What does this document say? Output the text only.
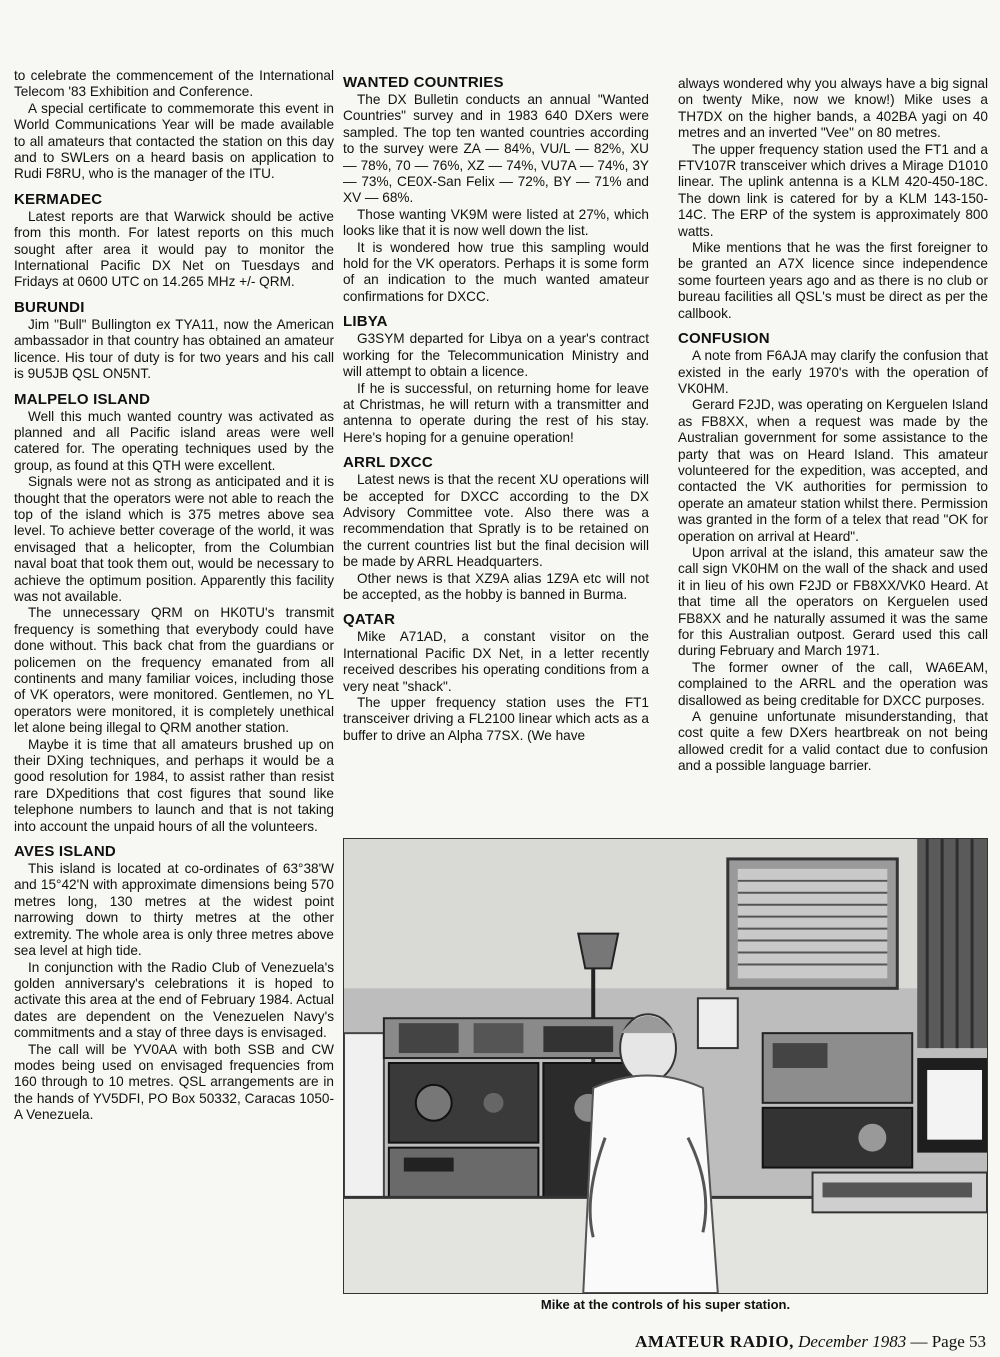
to celebrate the commencement of the International Telecom '83 Exhibition and Conference.

A special certificate to commemorate this event in World Communications Year will be made available to all amateurs that contacted the station on this day and to SWLers on a heard basis on application to Rudi F8RU, who is the manager of the ITU.

KERMADEC

Latest reports are that Warwick should be active from this month. For latest reports on this much sought after area it would pay to monitor the International Pacific DX Net on Tuesdays and Fridays at 0600 UTC on 14.265 MHz +/- QRM.

BURUNDI

Jim "Bull" Bullington ex TYA11, now the American ambassador in that country has obtained an amateur licence. His tour of duty is for two years and his call is 9U5JB QSL ON5NT.

MALPELO ISLAND

Well this much wanted country was activated as planned and all Pacific island areas were well catered for. The operating techniques used by the group, as found at this QTH were excellent.

Signals were not as strong as anticipated and it is thought that the operators were not able to reach the top of the island which is 375 metres above sea level. To achieve better coverage of the world, it was envisaged that a helicopter, from the Columbian naval boat that took them out, would be necessary to achieve the optimum position. Apparently this facility was not available.

The unnecessary QRM on HK0TU's transmit frequency is something that everybody could have done without. This back chat from the guardians or policemen on the frequency emanated from all continents and many familiar voices, including those of VK operators, were monitored. Gentlemen, no YL operators were monitored, it is completely unethical let alone being illegal to QRM another station.

Maybe it is time that all amateurs brushed up on their DXing techniques, and perhaps it would be a good resolution for 1984, to assist rather than resist rare DXpeditions that cost figures that sound like telephone numbers to launch and that is not taking into account the unpaid hours of all the volunteers.

AVES ISLAND

This island is located at co-ordinates of 63°38'W and 15°42'N with approximate dimensions being 570 metres long, 130 metres at the widest point narrowing down to thirty metres at the other extremity. The whole area is only three metres above sea level at high tide.

In conjunction with the Radio Club of Venezuela's golden anniversary's celebrations it is hoped to activate this area at the end of February 1984. Actual dates are dependent on the Venezuelen Navy's commitments and a stay of three days is envisaged.

The call will be YV0AA with both SSB and CW modes being used on envisaged frequencies from 160 through to 10 metres. QSL arrangements are in the hands of YV5DFI, PO Box 50332, Caracas 1050-A Venezuela.

WANTED COUNTRIES

The DX Bulletin conducts an annual "Wanted Countries" survey and in 1983 640 DXers were sampled. The top ten wanted countries according to the survey were ZA — 84%, VU/L — 82%, XU — 78%, 70 — 76%, XZ — 74%, VU7A — 74%, 3Y — 73%, CE0X-San Felix — 72%, BY — 71% and XV — 68%.

Those wanting VK9M were listed at 27%, which looks like that it is now well down the list.

It is wondered how true this sampling would hold for the VK operators. Perhaps it is some form of an indication to the much wanted amateur confirmations for DXCC.

LIBYA

G3SYM departed for Libya on a year's contract working for the Telecommunication Ministry and will attempt to obtain a licence.

If he is successful, on returning home for leave at Christmas, he will return with a transmitter and antenna to operate during the rest of his stay. Here's hoping for a genuine operation!

ARRL DXCC

Latest news is that the recent XU operations will be accepted for DXCC according to the DX Advisory Committee vote. Also there was a recommendation that Spratly is to be retained on the current countries list but the final decision will be made by ARRL Headquarters.

Other news is that XZ9A alias 1Z9A etc will not be accepted, as the hobby is banned in Burma.

QATAR

Mike A71AD, a constant visitor on the International Pacific DX Net, in a letter recently received describes his operating conditions from a very neat "shack".

The upper frequency station uses the FT1 transceiver driving a FL2100 linear which acts as a buffer to drive an Alpha 77SX. (We have

always wondered why you always have a big signal on twenty Mike, now we know!) Mike uses a TH7DX on the higher bands, a 402BA yagi on 40 metres and an inverted "Vee" on 80 metres.

The upper frequency station used the FT1 and a FTV107R transceiver which drives a Mirage D1010 linear. The uplink antenna is a KLM 420-450-18C. The down link is catered for by a KLM 143-150-14C. The ERP of the system is approximately 800 watts.

Mike mentions that he was the first foreigner to be granted an A7X licence since independence some fourteen years ago and as there is no club or bureau facilities all QSL's must be direct as per the callbook.

CONFUSION

A note from F6AJA may clarify the confusion that existed in the early 1970's with the operation of VK0HM.

Gerard F2JD, was operating on Kerguelen Island as FB8XX, when a request was made by the Australian government for some assistance to the party that was on Heard Island. This amateur volunteered for the expedition, was accepted, and contacted the VK authorities for permission to operate an amateur station whilst there. Permission was granted in the form of a telex that read "OK for operation on arrival at Heard".

Upon arrival at the island, this amateur saw the call sign VK0HM on the wall of the shack and used it in lieu of his own F2JD or FB8XX/VK0 Heard. At that time all the operators on Kerguelen used FB8XX and he naturally assumed it was the same for this Australian outpost. Gerard used this call during February and March 1971.

The former owner of the call, WA6EAM, complained to the ARRL and the operation was disallowed as being creditable for DXCC purposes.

A genuine unfortunate misunderstanding, that cost quite a few DXers heartbreak on not being allowed credit for a valid contact due to confusion and a possible language barrier.

Mike at the controls of his super station.
AMATEUR RADIO, December 1983 — Page 53
